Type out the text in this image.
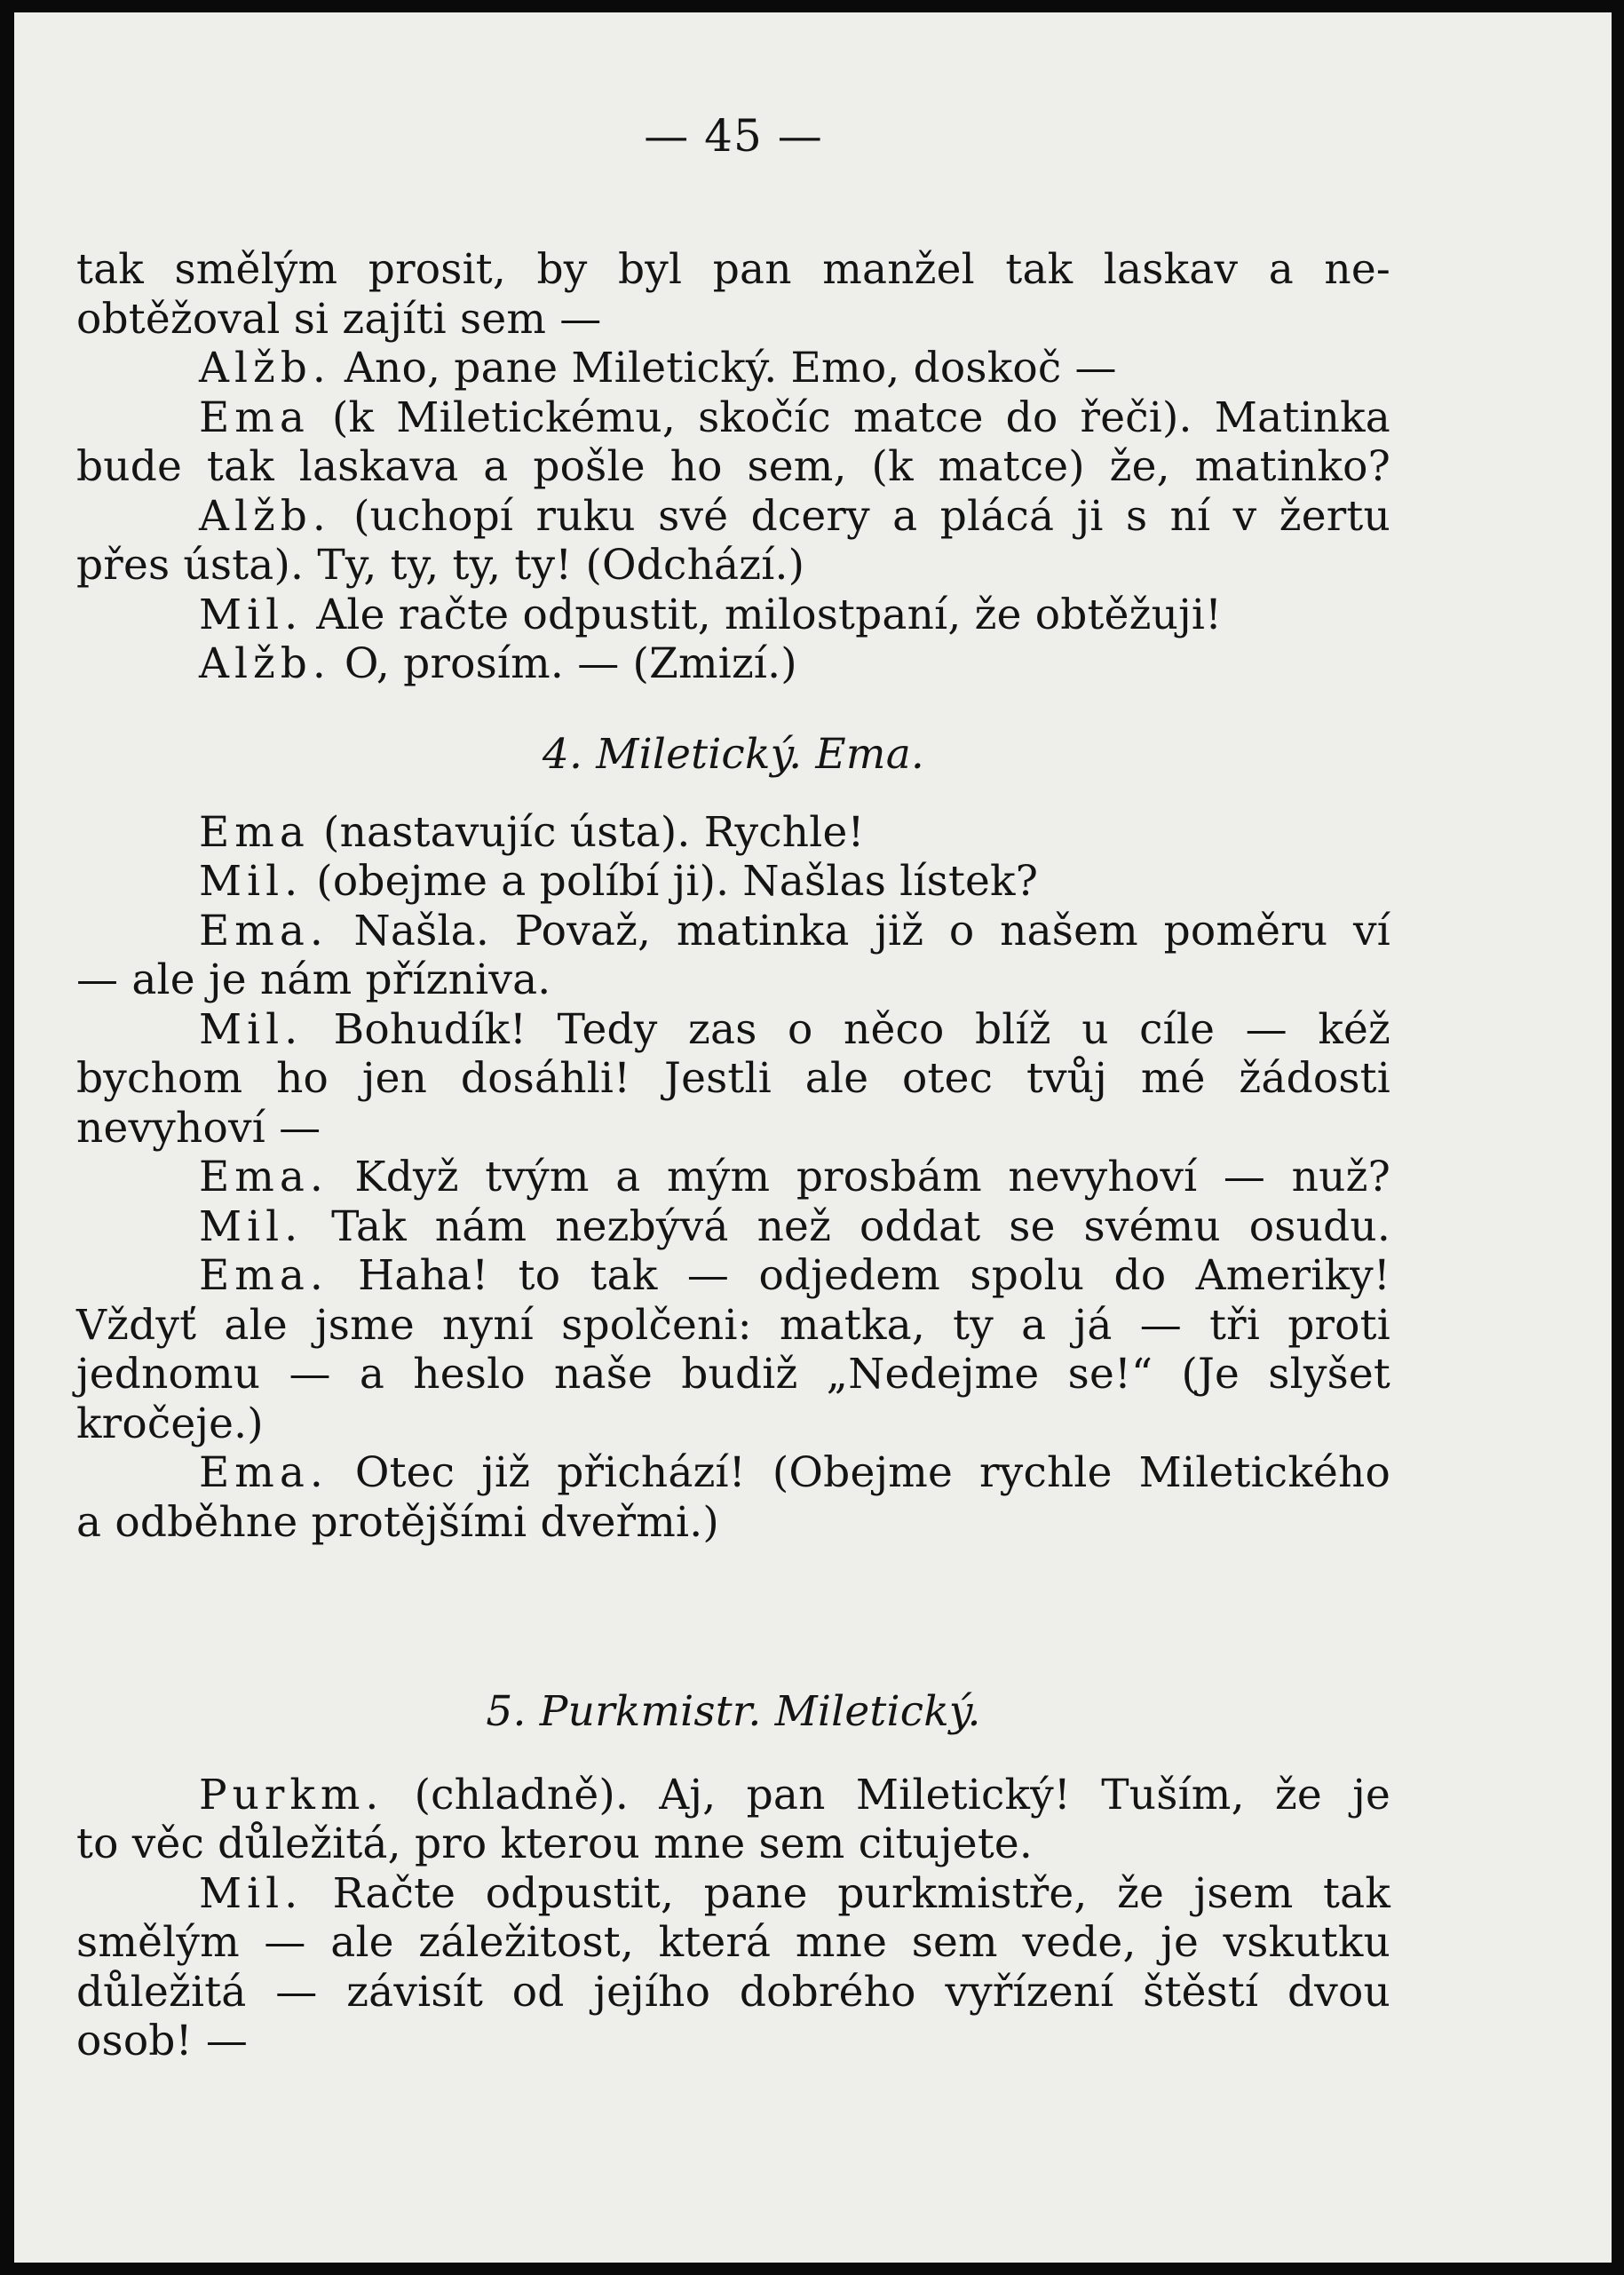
— 45 —
tak smělým prosit, by byl pan manžel tak laskav a ne-
obtěžoval si zajíti sem —
Alžb. Ano, pane Miletický. Emo, doskoč —
Ema (k Miletickému, skočíc matce do řeči). Matinka
bude tak laskava a pošle ho sem, (k matce) že, matinko?
Alžb. (uchopí ruku své dcery a plácá ji s ní v žertu
přes ústa). Ty, ty, ty, ty! (Odchází.)
Mil. Ale račte odpustit, milostpaní, že obtěžuji!
Alžb. O, prosím. — (Zmizí.)
4. Miletický. Ema.
Ema (nastavujíc ústa). Rychle!
Mil. (obejme a políbí ji). Našlas lístek?
Ema. Našla. Považ, matinka již o našem poměru ví
— ale je nám přízniva.
Mil. Bohudík! Tedy zas o něco blíž u cíle — kéž
bychom ho jen dosáhli! Jestli ale otec tvůj mé žádosti
nevyhoví —
Ema. Když tvým a mým prosbám nevyhoví — nuž?
Mil. Tak nám nezbývá než oddat se svému osudu.
Ema. Haha! to tak — odjedem spolu do Ameriky!
Vždyť ale jsme nyní spolčeni: matka, ty a já — tři proti
jednomu — a heslo naše budiž „Nedejme se!“ (Je slyšet
kročeje.)
Ema. Otec již přichází! (Obejme rychle Miletického
a odběhne protějšími dveřmi.)
5. Purkmistr. Miletický.
Purkm. (chladně). Aj, pan Miletický! Tuším, že je
to věc důležitá, pro kterou mne sem citujete.
Mil. Račte odpustit, pane purkmistře, že jsem tak
smělým — ale záležitost, která mne sem vede, je vskutku
důležitá — závisít od jejího dobrého vyřízení štěstí dvou
osob! —
